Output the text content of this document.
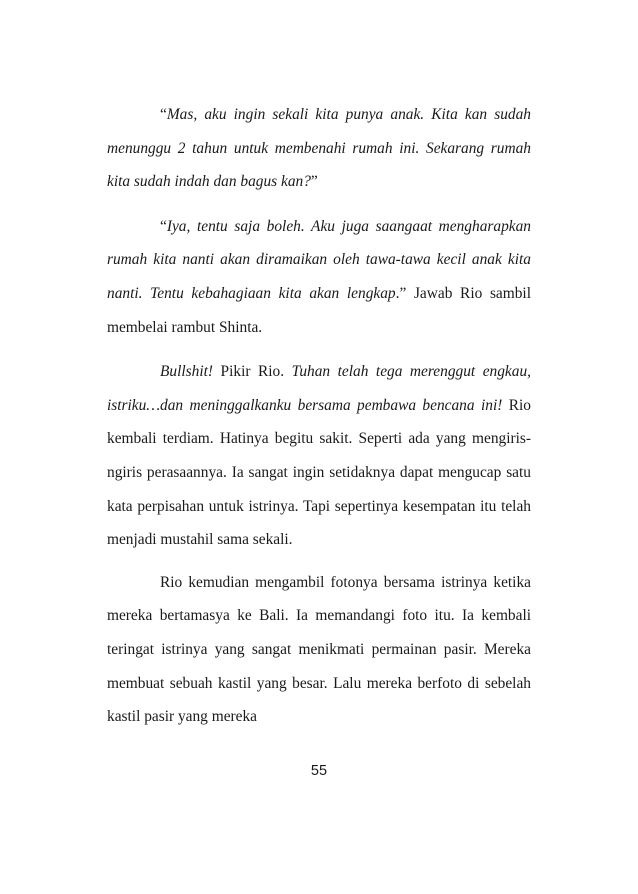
“Mas, aku ingin sekali kita punya anak. Kita kan sudah menunggu 2 tahun untuk membenahi rumah ini. Sekarang rumah kita sudah indah dan bagus kan?”

“Iya, tentu saja boleh. Aku juga saangaat mengharapkan rumah kita nanti akan diramaikan oleh tawa-tawa kecil anak kita nanti. Tentu kebahagiaan kita akan lengkap.” Jawab Rio sambil membelai rambut Shinta.

Bullshit! Pikir Rio. Tuhan telah tega merenggut engkau, istriku…dan meninggalkanku bersama pembawa bencana ini! Rio kembali terdiam. Hatinya begitu sakit. Seperti ada yang mengiris-ngiris perasaannya. Ia sangat ingin setidaknya dapat mengucap satu kata perpisahan untuk istrinya. Tapi sepertinya kesempatan itu telah menjadi mustahil sama sekali.

Rio kemudian mengambil fotonya bersama istrinya ketika mereka bertamasya ke Bali. Ia memandangi foto itu. Ia kembali teringat istrinya yang sangat menikmati permainan pasir. Mereka membuat sebuah kastil yang besar. Lalu mereka berfoto di sebelah kastil pasir yang mereka

55
